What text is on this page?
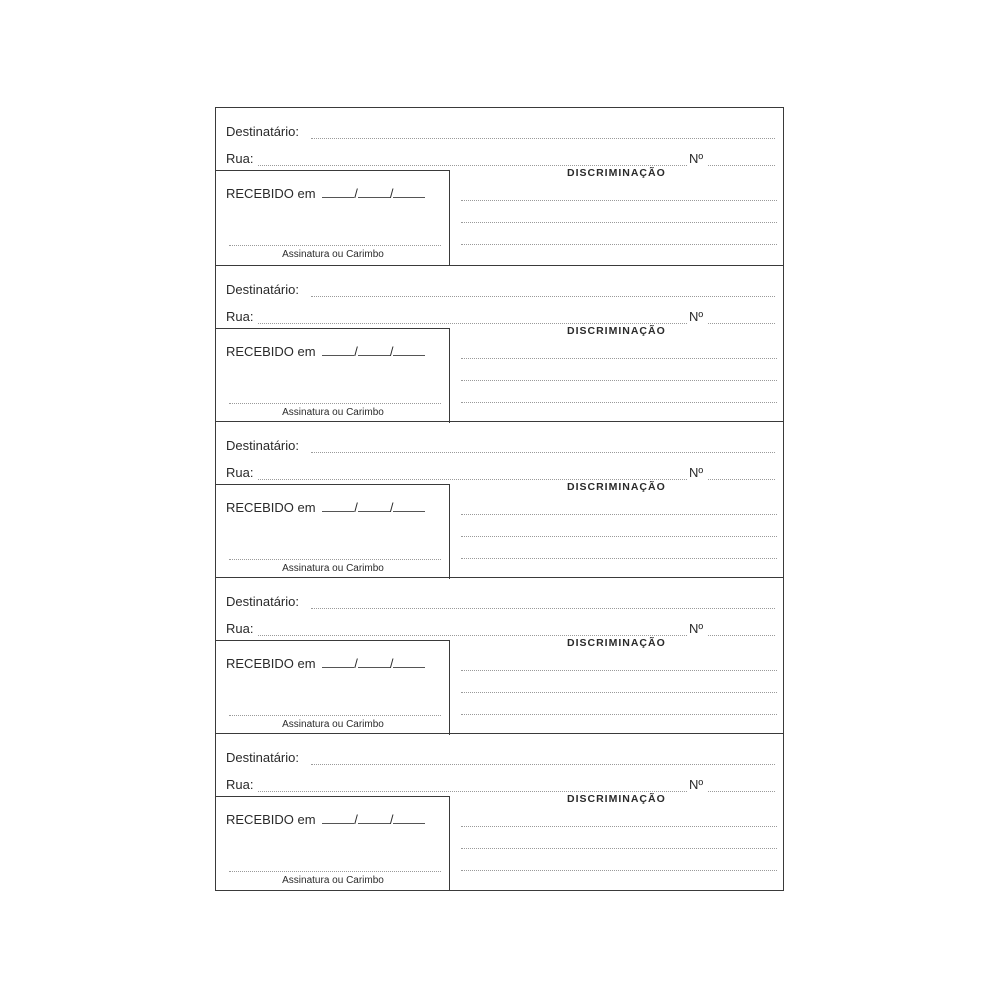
Destinatário:
Rua:	Nº
RECEBIDO em	/ /
Assinatura ou Carimbo
DISCRIMINAÇÃO
Destinatário:
Rua:	Nº
RECEBIDO em	/ /
Assinatura ou Carimbo
DISCRIMINAÇÃO
Destinatário:
Rua:	Nº
RECEBIDO em	/ /
Assinatura ou Carimbo
DISCRIMINAÇÃO
Destinatário:
Rua:	Nº
RECEBIDO em	/ /
Assinatura ou Carimbo
DISCRIMINAÇÃO
Destinatário:
Rua:	Nº
RECEBIDO em	/ /
Assinatura ou Carimbo
DISCRIMINAÇÃO
